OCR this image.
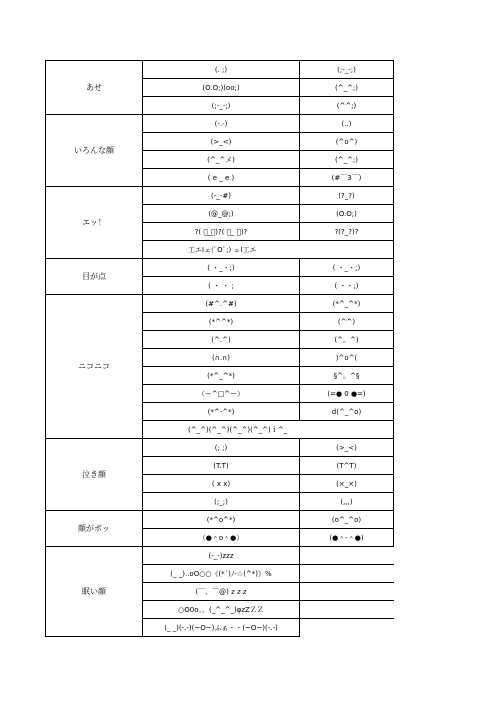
あせ	(. ;)	(;-_-;)
	(O.O;)(oo;)	(^_^;)
	(;-_-;)	(^^;)
いろんな顔	(-.-)	(..)
	(>_<)	(^o^)
	(^_^メ)	(^_^;)
	( e _ e )	(#￣3￣)
エッ！	(-_-#)	(?_?)
	(@_@;)	(O.O;)
	?( ﾟ_ﾟ)?( ﾟ_ ﾟ)?	?(?_?)?
	工エIェ(ﾟOﾟ;) ェI工エ	
目が点	( ・_・;)	( ・_・;)
	( ・ ・ ;	( ・・;)
ニコニコ	(#^.^#)	(*^_^*)
	(*^^*)	(^^)
	(^.^)	(^。^)
	(∩.∩)	)^o^(
	(*^_^*)	§^。^§
	（ー^□^ー）	(=● 0 ●=)
	(*^-^*)	d(^_^o)
	(^_^)(^_^)(^_^)(^_^)ｉ^_	
泣き顔	(; ;)	(>_<)
	(T.T)	(T^T)
	( x x)	(×_×)
	(;_;)	(,,,)
顔がポッ	(*^o^*)	(o^_^o)
	（●＾o＾●）	(●＾-＾●)
眠い顔	(-_-)zzz	
	(_ _)..oO○○《(*´)ﾉ-☆(^*)》%	
	(￣、￣@) z z z	
	○O0o。。(_^_^_)φzZＺＺ	
	(_ _)(-.-)(~O~)ふぁ・・(~O~)(-.-)	
